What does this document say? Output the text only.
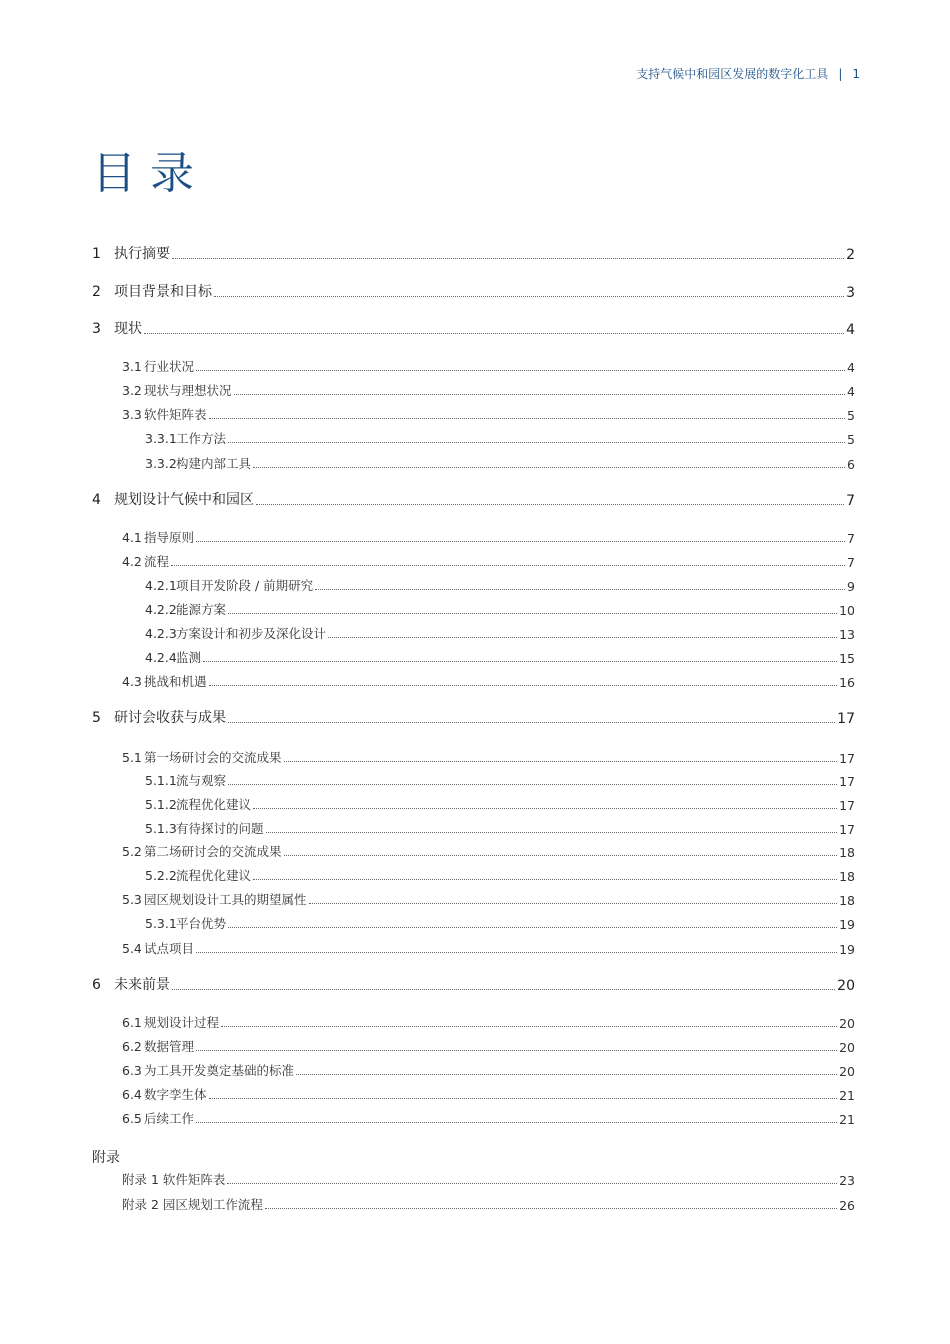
支持气候中和园区发展的数字化工具 | 1
目录
1 执行摘要	2
2 项目背景和目标	3
3 现状	4
3.1 行业状况	4
3.2 现状与理想状况	4
3.3 软件矩阵表	5
3.3.1工作方法	5
3.3.2构建内部工具	6
4 规划设计气候中和园区	7
4.1 指导原则	7
4.2 流程	7
4.2.1项目开发阶段 / 前期研究	9
4.2.2能源方案	10
4.2.3方案设计和初步及深化设计	13
4.2.4监测	15
4.3 挑战和机遇	16
5 研讨会收获与成果	17
5.1 第一场研讨会的交流成果	17
5.1.1流与观察	17
5.1.2流程优化建议	17
5.1.3有待探讨的问题	17
5.2 第二场研讨会的交流成果	18
5.2.2流程优化建议	18
5.3 园区规划设计工具的期望属性	18
5.3.1平台优势	19
5.4 试点项目	19
6 未来前景	20
6.1 规划设计过程	20
6.2 数据管理	20
6.3 为工具开发奠定基础的标准	20
6.4 数字孪生体	21
6.5 后续工作	21
附录
附录 1 软件矩阵表	23
附录 2 园区规划工作流程	26
